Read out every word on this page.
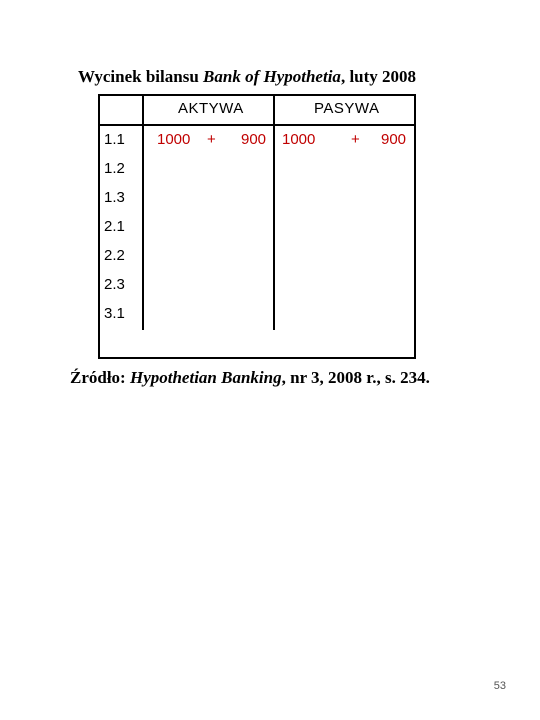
Wycinek bilansu Bank of Hypothetia, luty 2008
AKTYWA	PASYWA
1.1
1.2
1.3
2.1
2.2
2.3
3.1
1000 + 900 1000 + 900
Źródło: Hypothetian Banking, nr 3, 2008 r., s. 234.
53
